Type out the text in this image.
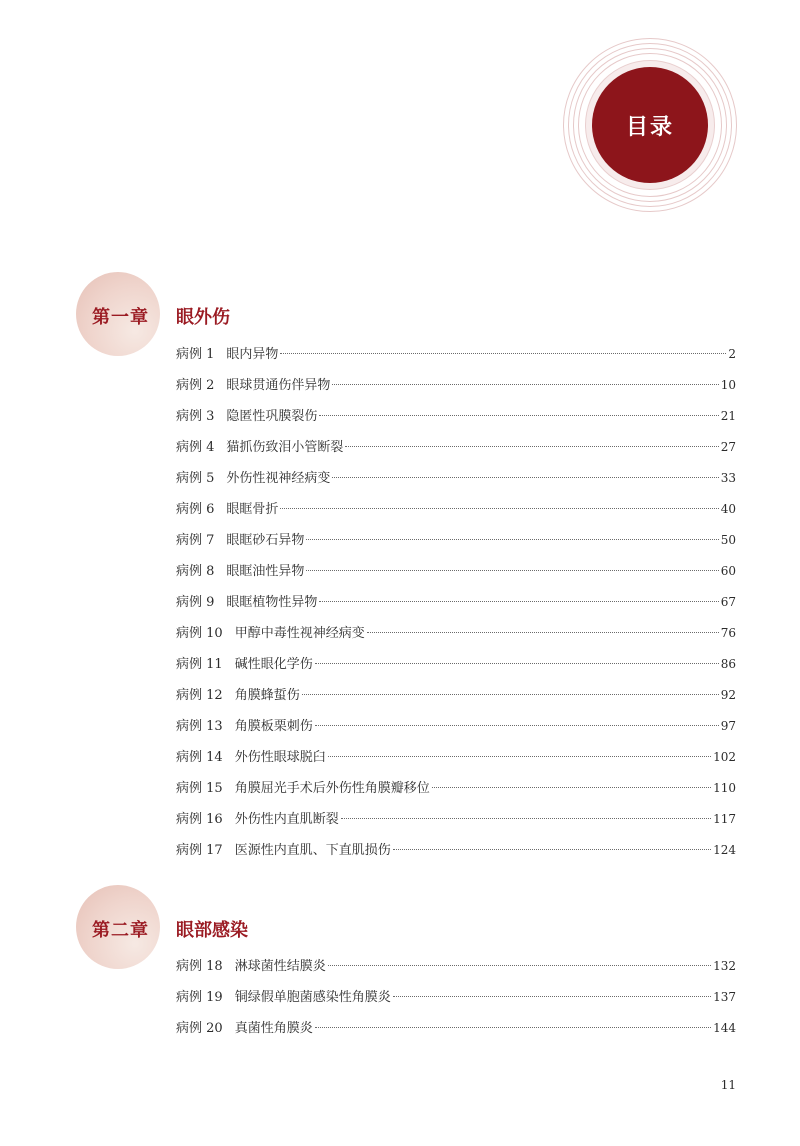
目录
第一章 眼外伤
病例 1 眼内异物	2
病例 2 眼球贯通伤伴异物	10
病例 3 隐匿性巩膜裂伤	21
病例 4 猫抓伤致泪小管断裂	27
病例 5 外伤性视神经病变	33
病例 6 眼眶骨折	40
病例 7 眼眶砂石异物	50
病例 8 眼眶油性异物	60
病例 9 眼眶植物性异物	67
病例 10 甲醇中毒性视神经病变	76
病例 11 碱性眼化学伤	86
病例 12 角膜蜂蜇伤	92
病例 13 角膜板栗刺伤	97
病例 14 外伤性眼球脱臼	102
病例 15 角膜屈光手术后外伤性角膜瓣移位	110
病例 16 外伤性内直肌断裂	117
病例 17 医源性内直肌、下直肌损伤	124
第二章 眼部感染
病例 18 淋球菌性结膜炎	132
病例 19 铜绿假单胞菌感染性角膜炎	137
病例 20 真菌性角膜炎	144
11
